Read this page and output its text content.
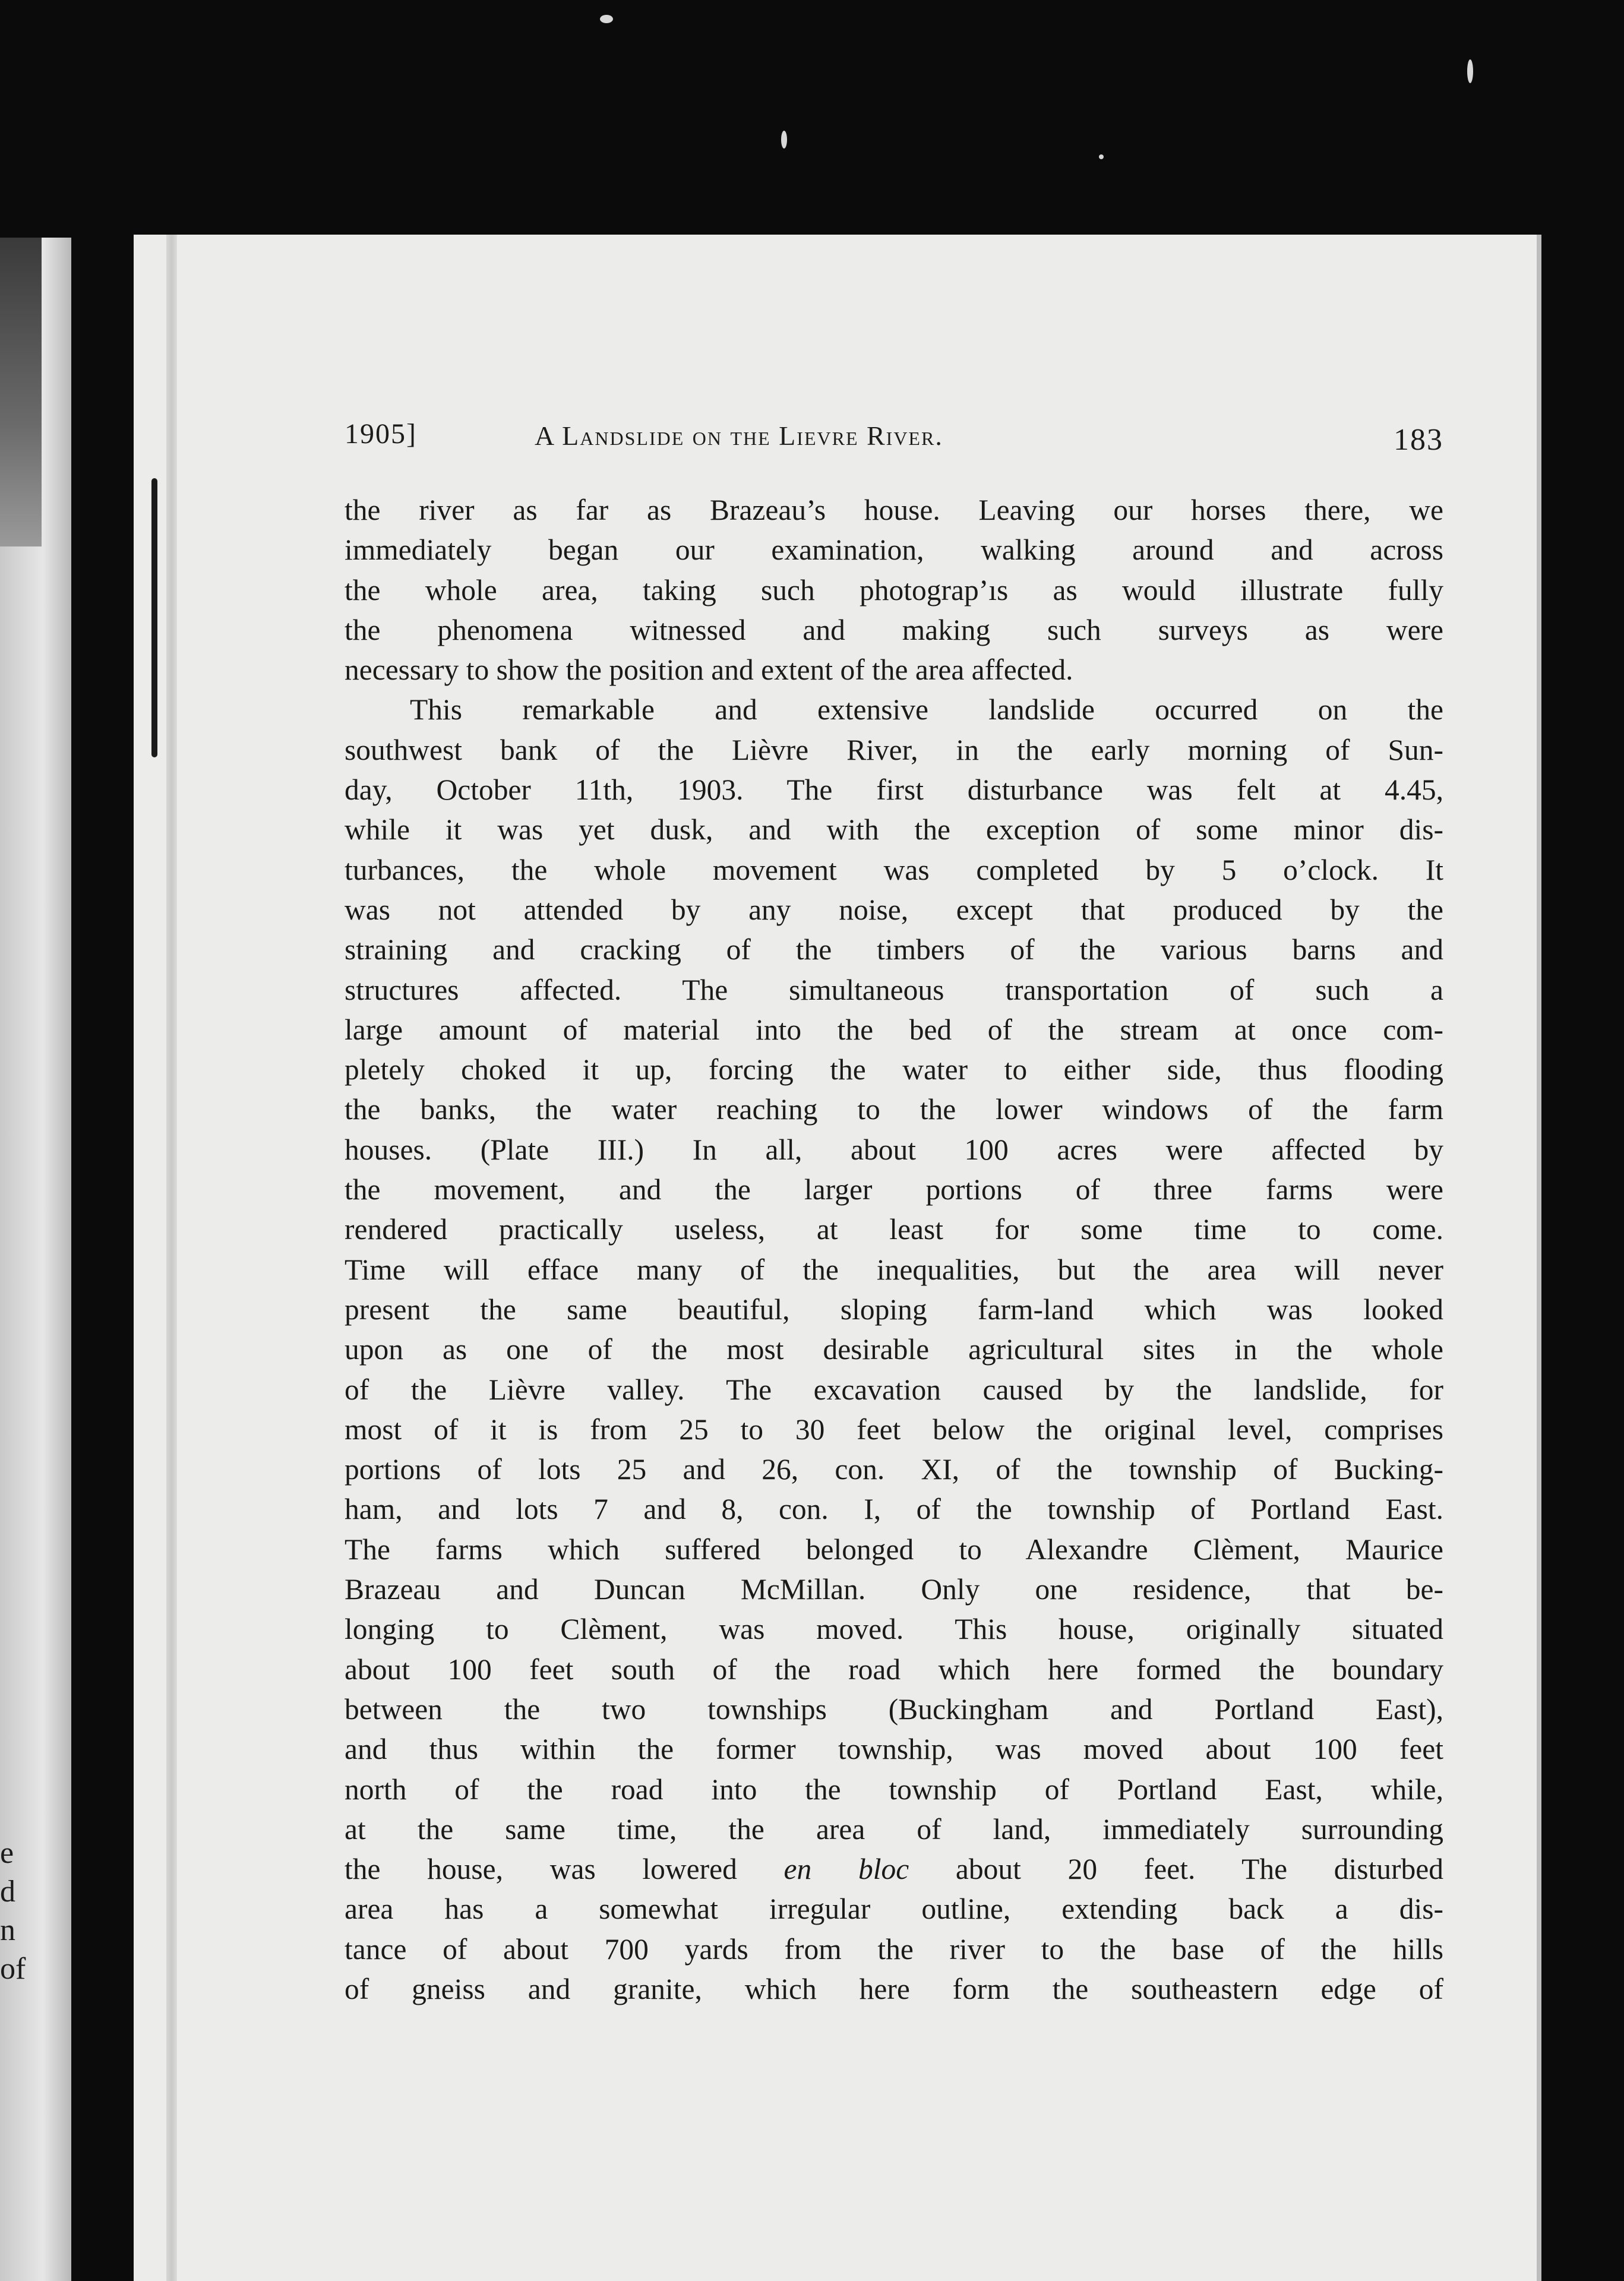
e
d
n
of
1905]	A Landslide on the Lievre River.	183
the river as far as Brazeau’s house. Leaving our horses there, we
immediately began our examination, walking around and across
the whole area, taking such photograp’ıs as would illustrate fully
the phenomena witnessed and making such surveys as were
necessary to show the position and extent of the area affected.
This remarkable and extensive landslide occurred on the
southwest bank of the Lièvre River, in the early morning of Sun-
day, October 11th, 1903. The first disturbance was felt at 4.45,
while it was yet dusk, and with the exception of some minor dis-
turbances, the whole movement was completed by 5 o’clock. It
was not attended by any noise, except that produced by the
straining and cracking of the timbers of the various barns and
structures affected. The simultaneous transportation of such a
large amount of material into the bed of the stream at once com-
pletely choked it up, forcing the water to either side, thus flooding
the banks, the water reaching to the lower windows of the farm
houses. (Plate III.) In all, about 100 acres were affected by
the movement, and the larger portions of three farms were
rendered practically useless, at least for some time to come.
Time will efface many of the inequalities, but the area will never
present the same beautiful, sloping farm-land which was looked
upon as one of the most desirable agricultural sites in the whole
of the Lièvre valley. The excavation caused by the landslide, for
most of it is from 25 to 30 feet below the original level, comprises
portions of lots 25 and 26, con. XI, of the township of Bucking-
ham, and lots 7 and 8, con. I, of the township of Portland East.
The farms which suffered belonged to Alexandre Clèment, Maurice
Brazeau and Duncan McMillan. Only one residence, that be-
longing to Clèment, was moved. This house, originally situated
about 100 feet south of the road which here formed the boundary
between the two townships (Buckingham and Portland East),
and thus within the former township, was moved about 100 feet
north of the road into the township of Portland East, while,
at the same time, the area of land, immediately surrounding
the house, was lowered en bloc about 20 feet. The disturbed
area has a somewhat irregular outline, extending back a dis-
tance of about 700 yards from the river to the base of the hills
of gneiss and granite, which here form the southeastern edge of
